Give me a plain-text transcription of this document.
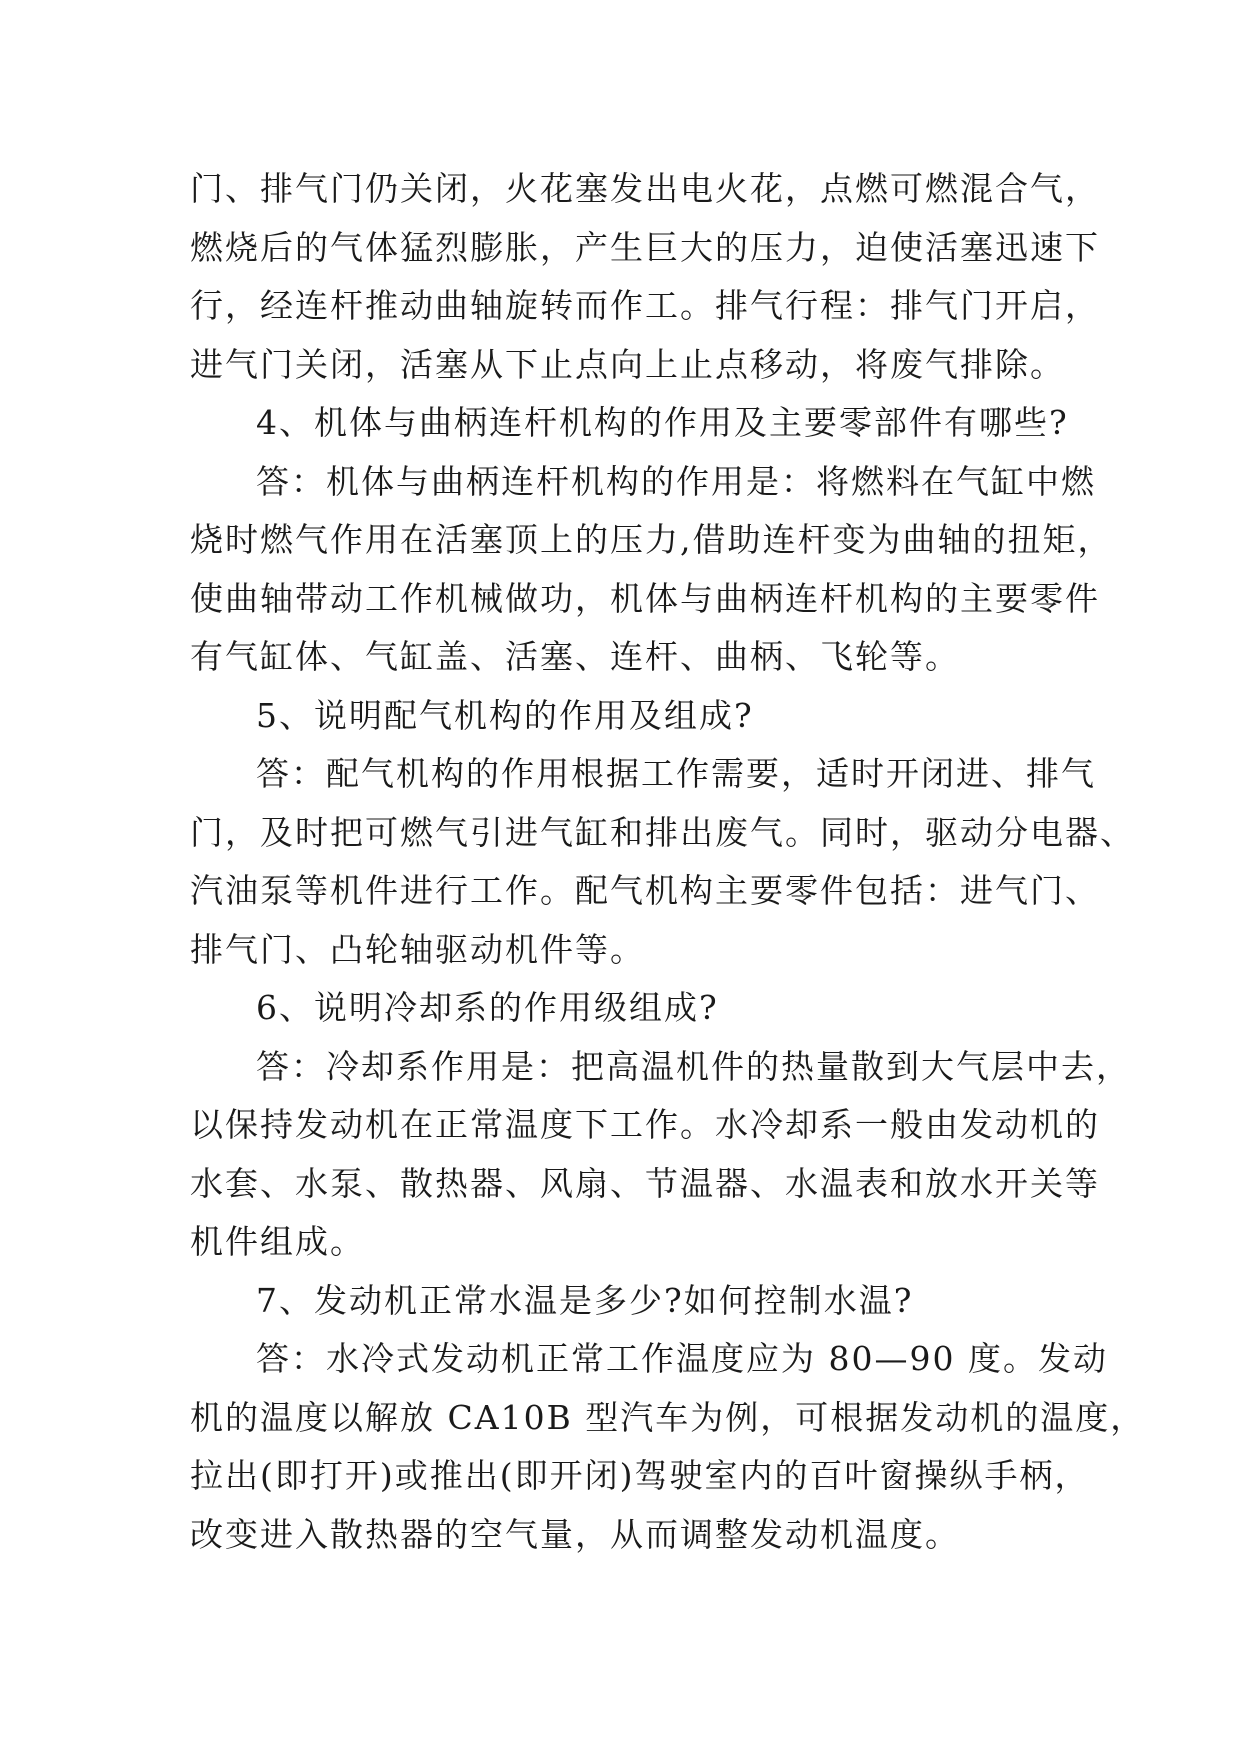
门、排气门仍关闭，火花塞发出电火花，点燃可燃混合气，
燃烧后的气体猛烈膨胀，产生巨大的压力，迫使活塞迅速下
行，经连杆推动曲轴旋转而作工。排气行程：排气门开启，
进气门关闭，活塞从下止点向上止点移动，将废气排除。

4、机体与曲柄连杆机构的作用及主要零部件有哪些?

答：机体与曲柄连杆机构的作用是：将燃料在气缸中燃
烧时燃气作用在活塞顶上的压力,借助连杆变为曲轴的扭矩，
使曲轴带动工作机械做功，机体与曲柄连杆机构的主要零件
有气缸体、气缸盖、活塞、连杆、曲柄、飞轮等。

5、说明配气机构的作用及组成?

答：配气机构的作用根据工作需要，适时开闭进、排气
门，及时把可燃气引进气缸和排出废气。同时，驱动分电器、
汽油泵等机件进行工作。配气机构主要零件包括：进气门、
排气门、凸轮轴驱动机件等。

6、说明冷却系的作用级组成?

答：冷却系作用是：把高温机件的热量散到大气层中去，
以保持发动机在正常温度下工作。水冷却系一般由发动机的
水套、水泵、散热器、风扇、节温器、水温表和放水开关等
机件组成。

7、发动机正常水温是多少?如何控制水温?

答：水冷式发动机正常工作温度应为 80—90 度。发动
机的温度以解放 CA10B 型汽车为例，可根据发动机的温度，
拉出(即打开)或推出(即开闭)驾驶室内的百叶窗操纵手柄，
改变进入散热器的空气量，从而调整发动机温度。
